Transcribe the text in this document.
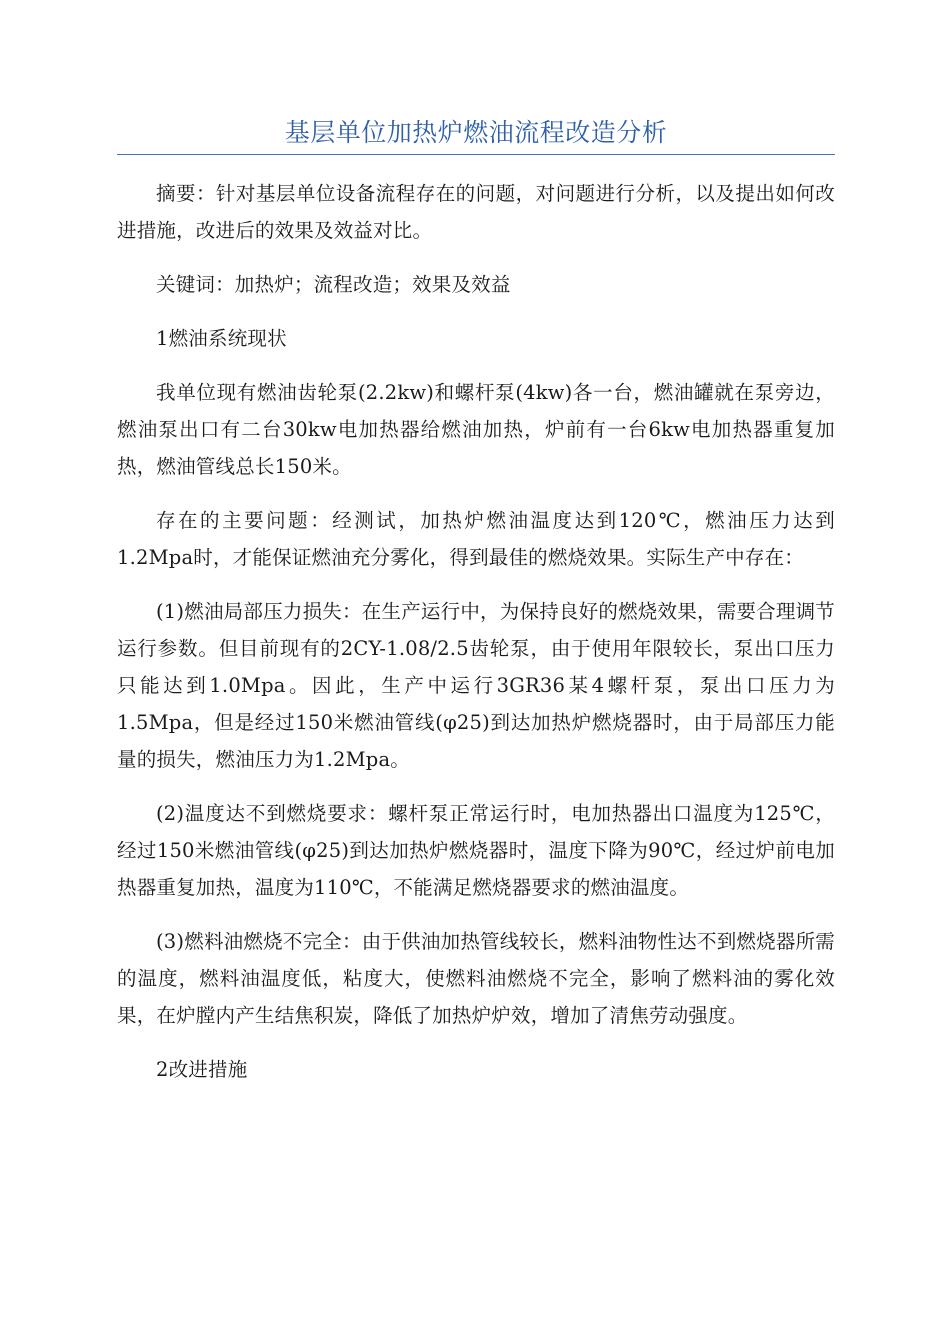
基层单位加热炉燃油流程改造分析

摘要：针对基层单位设备流程存在的问题，对问题进行分析，以及提出如何改进措施，改进后的效果及效益对比。

关键词：加热炉；流程改造；效果及效益

1燃油系统现状

我单位现有燃油齿轮泵(2.2kw)和螺杆泵(4kw)各一台，燃油罐就在泵旁边，燃油泵出口有二台30kw电加热器给燃油加热，炉前有一台6kw电加热器重复加热，燃油管线总长150米。

存在的主要问题：经测试，加热炉燃油温度达到120℃，燃油压力达到1.2Mpa时，才能保证燃油充分雾化，得到最佳的燃烧效果。实际生产中存在：

(1)燃油局部压力损失：在生产运行中，为保持良好的燃烧效果，需要合理调节运行参数。但目前现有的2CY-1.08/2.5齿轮泵，由于使用年限较长，泵出口压力只能达到1.0Mpa。因此，生产中运行3GR36某4螺杆泵，泵出口压力为1.5Mpa，但是经过150米燃油管线(φ25)到达加热炉燃烧器时，由于局部压力能量的损失，燃油压力为1.2Mpa。

(2)温度达不到燃烧要求：螺杆泵正常运行时，电加热器出口温度为125℃，经过150米燃油管线(φ25)到达加热炉燃烧器时，温度下降为90℃，经过炉前电加热器重复加热，温度为110℃，不能满足燃烧器要求的燃油温度。

(3)燃料油燃烧不完全：由于供油加热管线较长，燃料油物性达不到燃烧器所需的温度，燃料油温度低，粘度大，使燃料油燃烧不完全，影响了燃料油的雾化效果，在炉膛内产生结焦积炭，降低了加热炉炉效，增加了清焦劳动强度。

2改进措施
